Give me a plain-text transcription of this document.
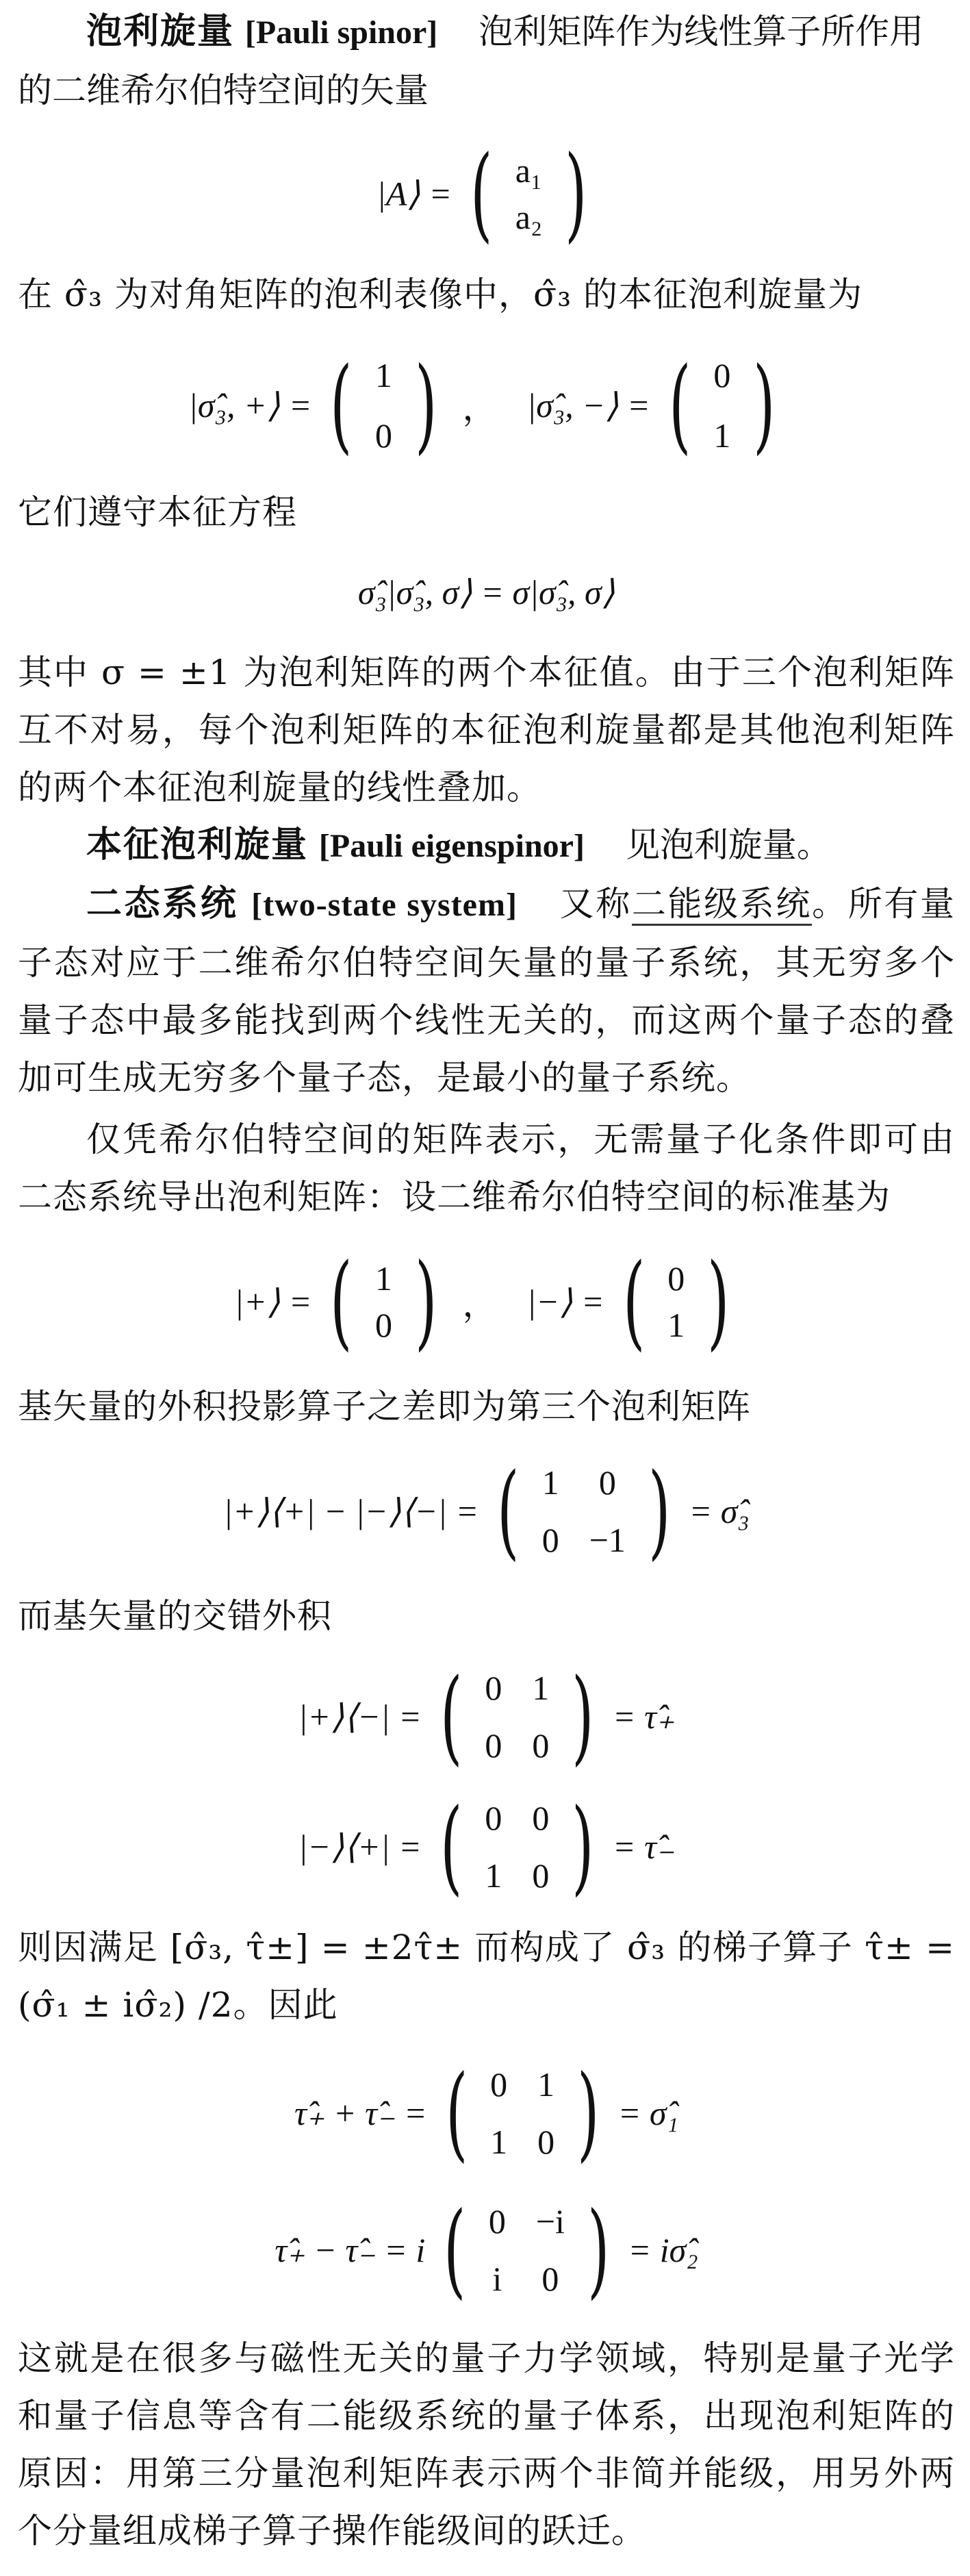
泡利旋量 [Pauli spinor] 泡利矩阵作为线性算子所作用的二维希尔伯特空间的矢量

|A⟩ = ( a₁
a₂ )

在 σ̂₃ 为对角矩阵的泡利表像中，σ̂₃ 的本征泡利旋量为

|σ̂₃, +⟩ = ( 1
0 ) ， |σ̂₃, −⟩ = ( 0
1 )

它们遵守本征方程

σ̂₃|σ̂₃, σ⟩ = σ|σ̂₃, σ⟩

其中 σ = ±1 为泡利矩阵的两个本征值。由于三个泡利矩阵互不对易，每个泡利矩阵的本征泡利旋量都是其他泡利矩阵的两个本征泡利旋量的线性叠加。

本征泡利旋量 [Pauli eigenspinor] 见泡利旋量。

二态系统 [two-state system] 又称二能级系统。所有量子态对应于二维希尔伯特空间矢量的量子系统，其无穷多个量子态中最多能找到两个线性无关的，而这两个量子态的叠加可生成无穷多个量子态，是最小的量子系统。

仅凭希尔伯特空间的矩阵表示，无需量子化条件即可由二态系统导出泡利矩阵：设二维希尔伯特空间的标准基为

|+⟩ = ( 1
0 ) ， |−⟩ = ( 0
1 )

基矢量的外积投影算子之差即为第三个泡利矩阵

|+⟩⟨+| − |−⟩⟨−| = ( 1 0
0 −1 ) = σ̂₃

而基矢量的交错外积

|+⟩⟨−| = ( 0 1
0 0 ) = τ̂₊
|−⟩⟨+| = ( 0 0
1 0 ) = τ̂₋

则因满足 [σ̂₃, τ̂±] = ±2τ̂± 而构成了 σ̂₃ 的梯子算子 τ̂± = (σ̂₁ ± iσ̂₂) /2。因此

τ̂₊ + τ̂₋ = ( 0 1
1 0 ) = σ̂₁
τ̂₊ − τ̂₋ = i ( 0 −i
i 0 ) = iσ̂₂

这就是在很多与磁性无关的量子力学领域，特别是量子光学和量子信息等含有二能级系统的量子体系，出现泡利矩阵的原因：用第三分量泡利矩阵表示两个非简并能级，用另外两个分量组成梯子算子操作能级间的跃迁。
